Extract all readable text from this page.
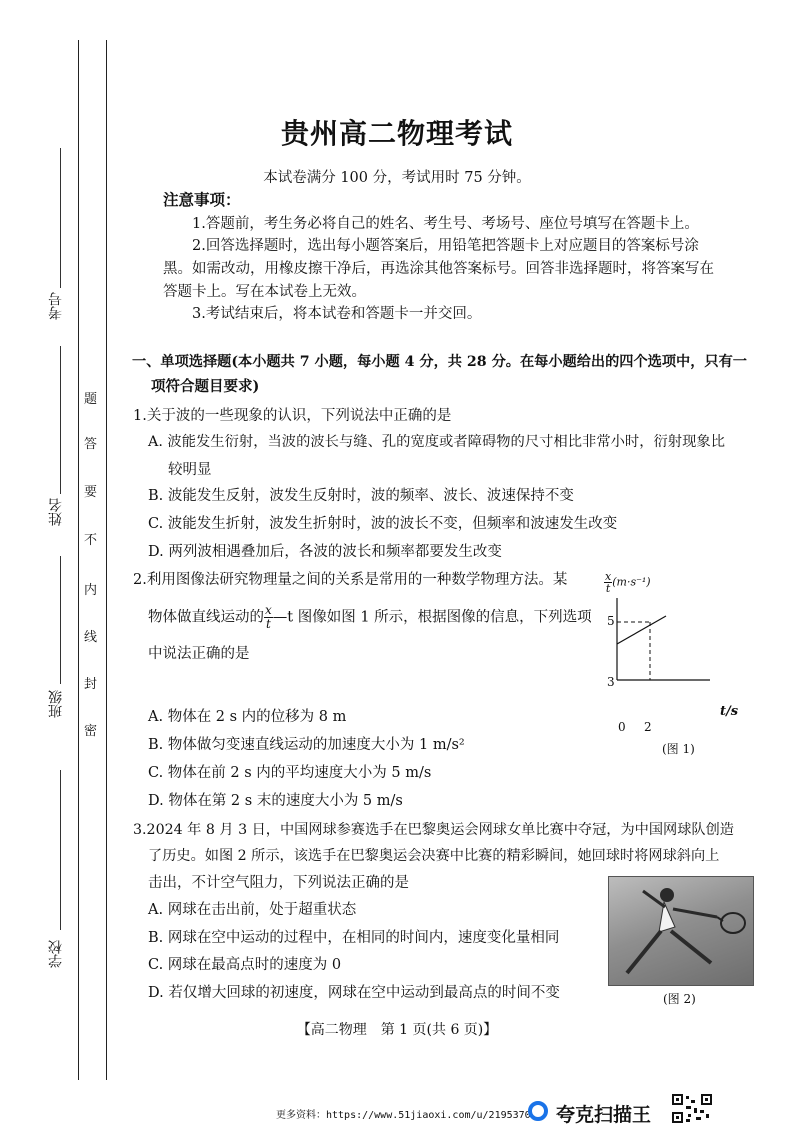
考号
姓名
班级
学校
题
答
要
不
内
线
封
密
贵州高二物理考试
本试卷满分 100 分，考试用时 75 分钟。
注意事项：
1.答题前，考生务必将自己的姓名、考生号、考场号、座位号填写在答题卡上。
2.回答选择题时，选出每小题答案后，用铅笔把答题卡上对应题目的答案标号涂
黑。如需改动，用橡皮擦干净后，再选涂其他答案标号。回答非选择题时，将答案写在
答题卡上。写在本试卷上无效。
3.考试结束后，将本试卷和答题卡一并交回。
一、单项选择题(本小题共 7 小题，每小题 4 分，共 28 分。在每小题给出的四个选项中，只有一
项符合题目要求)
1.关于波的一些现象的认识，下列说法中正确的是
A. 波能发生衍射，当波的波长与缝、孔的宽度或者障碍物的尺寸相比非常小时，衍射现象比
较明显
B. 波能发生反射，波发生反射时，波的频率、波长、波速保持不变
C. 波能发生折射，波发生折射时，波的波长不变，但频率和波速发生改变
D. 两列波相遇叠加后，各波的波长和频率都要发生改变
2.利用图像法研究物理量之间的关系是常用的一种数学物理方法。某
物体做直线运动的 $\frac{x}{t}$ —t 图像如图 1 所示，根据图像的信息，下列选项
中说法正确的是
A. 物体在 2 s 内的位移为 8 m
B. 物体做匀变速直线运动的加速度大小为 1 m/s²
C. 物体在前 2 s 内的平均速度大小为 5 m/s
D. 物体在第 2 s 末的速度大小为 5 m/s
$\frac{x}{t} (m\cdot s^{-1})$
5
3
0 2
t/s
(图 1)
3.2024 年 8 月 3 日，中国网球参赛选手在巴黎奥运会网球女单比赛中夺冠，为中国网球队创造
了历史。如图 2 所示，该选手在巴黎奥运会决赛中比赛的精彩瞬间，她回球时将网球斜向上
击出，不计空气阻力，下列说法正确的是
A. 网球在击出前，处于超重状态
B. 网球在空中运动的过程中，在相同的时间内，速度变化量相同
C. 网球在最高点时的速度为 0
D. 若仅增大回球的初速度，网球在空中运动到最高点的时间不变	(图 2)
【高二物理　第 1 页(共 6 页)】
更多资料：https://www.51jiaoxi.com/u/2195370 夸克扫描王
